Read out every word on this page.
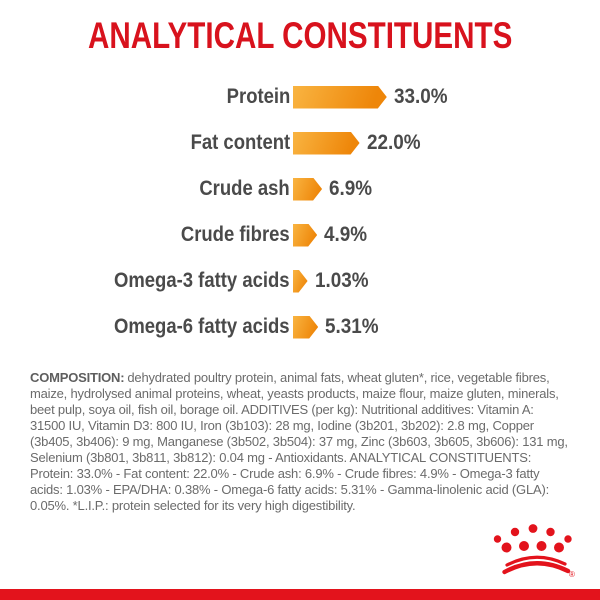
ANALYTICAL CONSTITUENTS
Protein	33.0%
Fat content	22.0%
Crude ash 6.9%
Crude fibres 4.9%
Omega-3 fatty acids 1.03%
Omega-6 fatty acids 5.31%

COMPOSITION: dehydrated poultry protein, animal fats, wheat gluten*, rice, vegetable fibres, maize, hydrolysed animal proteins, wheat, yeasts products, maize flour, maize gluten, minerals, beet pulp, soya oil, fish oil, borage oil. ADDITIVES (per kg): Nutritional additives: Vitamin A: 31500 IU, Vitamin D3: 800 IU, Iron (3b103): 28 mg, Iodine (3b201, 3b202): 2.8 mg, Copper (3b405, 3b406): 9 mg, Manganese (3b502, 3b504): 37 mg, Zinc (3b603, 3b605, 3b606): 131 mg, Selenium (3b801, 3b811, 3b812): 0.04 mg - Antioxidants. ANALYTICAL CONSTITUENTS: Protein: 33.0% - Fat content: 22.0% - Crude ash: 6.9% - Crude fibres: 4.9% - Omega-3 fatty acids: 1.03% - EPA/DHA: 0.38% - Omega-6 fatty acids: 5.31% - Gamma-linolenic acid (GLA): 0.05%. *L.I.P.: protein selected for its very high digestibility.

®
